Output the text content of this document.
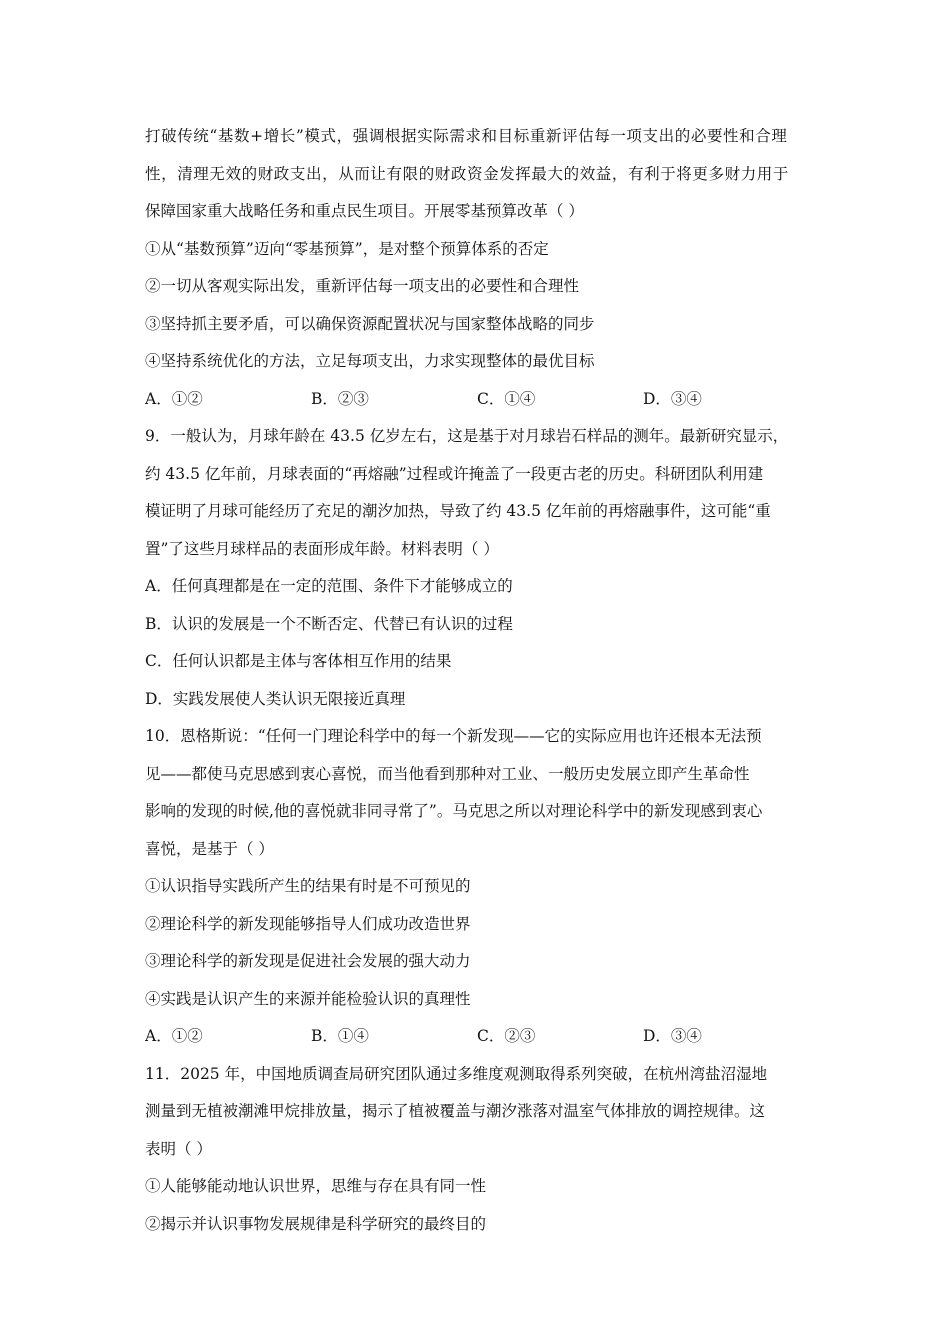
打破传统“基数+增长”模式，强调根据实际需求和目标重新评估每一项支出的必要性和合理
性，清理无效的财政支出，从而让有限的财政资金发挥最大的效益，有利于将更多财力用于
保障国家重大战略任务和重点民生项目。开展零基预算改革（ ）
①从“基数预算”迈向“零基预算”，是对整个预算体系的否定
②一切从客观实际出发，重新评估每一项支出的必要性和合理性
③坚持抓主要矛盾，可以确保资源配置状况与国家整体战略的同步
④坚持系统优化的方法，立足每项支出，力求实现整体的最优目标
A．①②	B．②③	C．①④	D．③④
9．一般认为，月球年龄在 43.5 亿岁左右，这是基于对月球岩石样品的测年。最新研究显示，
约 43.5 亿年前，月球表面的“再熔融”过程或许掩盖了一段更古老的历史。科研团队利用建
模证明了月球可能经历了充足的潮汐加热，导致了约 43.5 亿年前的再熔融事件，这可能“重
置”了这些月球样品的表面形成年龄。材料表明（ ）
A．任何真理都是在一定的范围、条件下才能够成立的
B．认识的发展是一个不断否定、代替已有认识的过程
C．任何认识都是主体与客体相互作用的结果
D．实践发展使人类认识无限接近真理
10．恩格斯说：“任何一门理论科学中的每一个新发现——它的实际应用也许还根本无法预
见——都使马克思感到衷心喜悦，而当他看到那种对工业、一般历史发展立即产生革命性
影响的发现的时候,他的喜悦就非同寻常了”。马克思之所以对理论科学中的新发现感到衷心
喜悦，是基于（ ）
①认识指导实践所产生的结果有时是不可预见的
②理论科学的新发现能够指导人们成功改造世界
③理论科学的新发现是促进社会发展的强大动力
④实践是认识产生的来源并能检验认识的真理性
A．①②	B．①④	C．②③	D．③④
11．2025 年，中国地质调查局研究团队通过多维度观测取得系列突破，在杭州湾盐沼湿地
测量到无植被潮滩甲烷排放量，揭示了植被覆盖与潮汐涨落对温室气体排放的调控规律。这
表明（ ）
①人能够能动地认识世界，思维与存在具有同一性
②揭示并认识事物发展规律是科学研究的最终目的
